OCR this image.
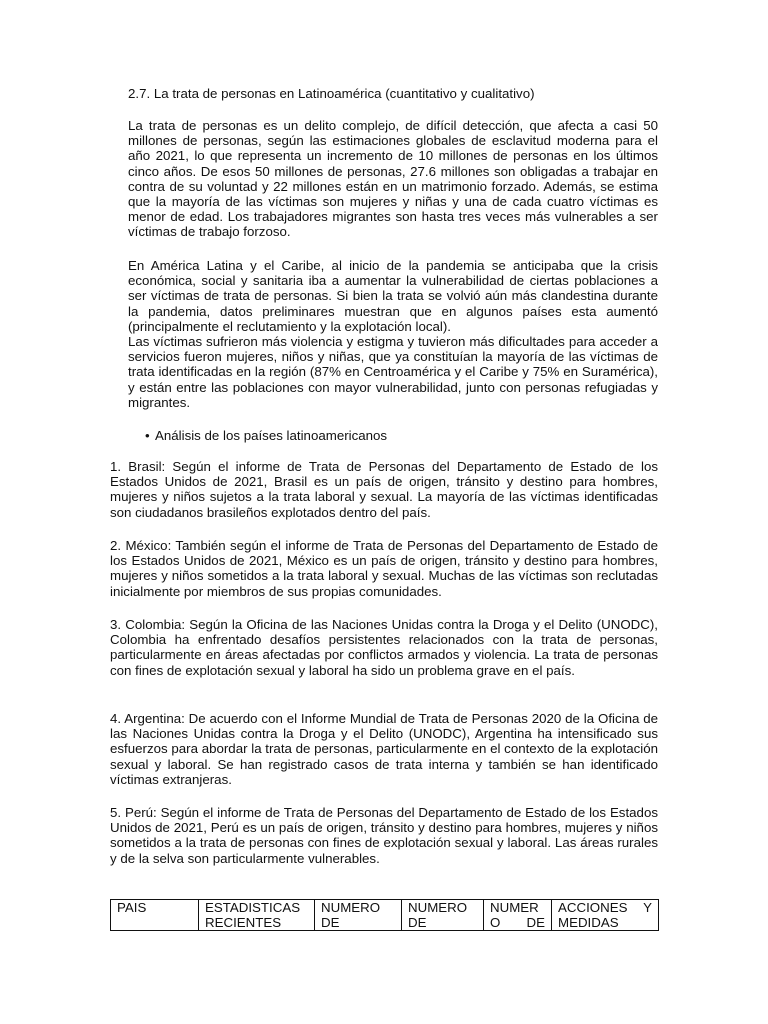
2.7. La trata de personas en Latinoamérica (cuantitativo y cualitativo)

La trata de personas es un delito complejo, de difícil detección, que afecta a casi 50 millones de personas, según las estimaciones globales de esclavitud moderna para el año 2021, lo que representa un incremento de 10 millones de personas en los últimos cinco años. De esos 50 millones de personas, 27.6 millones son obligadas a trabajar en contra de su voluntad y 22 millones están en un matrimonio forzado. Además, se estima que la mayoría de las víctimas son mujeres y niñas y una de cada cuatro víctimas es menor de edad. Los trabajadores migrantes son hasta tres veces más vulnerables a ser víctimas de trabajo forzoso.

En América Latina y el Caribe, al inicio de la pandemia se anticipaba que la crisis económica, social y sanitaria iba a aumentar la vulnerabilidad de ciertas poblaciones a ser víctimas de trata de personas. Si bien la trata se volvió aún más clandestina durante la pandemia, datos preliminares muestran que en algunos países esta aumentó (principalmente el reclutamiento y la explotación local).

Las víctimas sufrieron más violencia y estigma y tuvieron más dificultades para acceder a servicios fueron mujeres, niños y niñas, que ya constituían la mayoría de las víctimas de trata identificadas en la región (87% en Centroamérica y el Caribe y 75% en Suramérica), y están entre las poblaciones con mayor vulnerabilidad, junto con personas refugiadas y migrantes.

• Análisis de los países latinoamericanos

1. Brasil: Según el informe de Trata de Personas del Departamento de Estado de los Estados Unidos de 2021, Brasil es un país de origen, tránsito y destino para hombres, mujeres y niños sujetos a la trata laboral y sexual. La mayoría de las víctimas identificadas son ciudadanos brasileños explotados dentro del país.

2. México: También según el informe de Trata de Personas del Departamento de Estado de los Estados Unidos de 2021, México es un país de origen, tránsito y destino para hombres, mujeres y niños sometidos a la trata laboral y sexual. Muchas de las víctimas son reclutadas inicialmente por miembros de sus propias comunidades.

3. Colombia: Según la Oficina de las Naciones Unidas contra la Droga y el Delito (UNODC), Colombia ha enfrentado desafíos persistentes relacionados con la trata de personas, particularmente en áreas afectadas por conflictos armados y violencia. La trata de personas con fines de explotación sexual y laboral ha sido un problema grave en el país.

4. Argentina: De acuerdo con el Informe Mundial de Trata de Personas 2020 de la Oficina de las Naciones Unidas contra la Droga y el Delito (UNODC), Argentina ha intensificado sus esfuerzos para abordar la trata de personas, particularmente en el contexto de la explotación sexual y laboral. Se han registrado casos de trata interna y también se han identificado víctimas extranjeras.

5. Perú: Según el informe de Trata de Personas del Departamento de Estado de los Estados Unidos de 2021, Perú es un país de origen, tránsito y destino para hombres, mujeres y niños sometidos a la trata de personas con fines de explotación sexual y laboral. Las áreas rurales y de la selva son particularmente vulnerables.

PAIS	ESTADISTICAS RECIENTES	NUMERO DE	NUMERO DE	NUMER O DE	ACCIONES Y MEDIDAS
